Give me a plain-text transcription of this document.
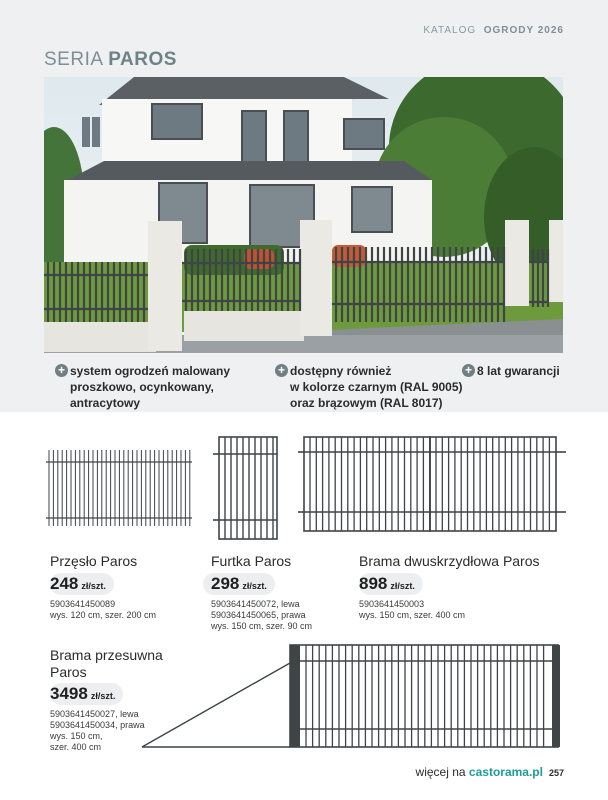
KATALOG OGRODY 2026
SERIA PAROS
+ system ogrodzeń malowany
proszkowo, ocynkowany, antracytowy
+ dostępny również
w kolorze czarnym (RAL 9005)
oraz brązowym (RAL 8017)
+ 8 lat gwarancji
Przęsło Paros
248 zł/szt.
5903641450089
wys. 120 cm, szer. 200 cm
Furtka Paros
298 zł/szt.
5903641450072, lewa
5903641450065, prawa
wys. 150 cm, szer. 90 cm
Brama dwuskrzydłowa Paros
898 zł/szt.
5903641450003
wys. 150 cm, szer. 400 cm
Brama przesuwna
Paros
3498 zł/szt.
5903641450027, lewa
5903641450034, prawa
wys. 150 cm,
szer. 400 cm
więcej na castorama.pl 257
